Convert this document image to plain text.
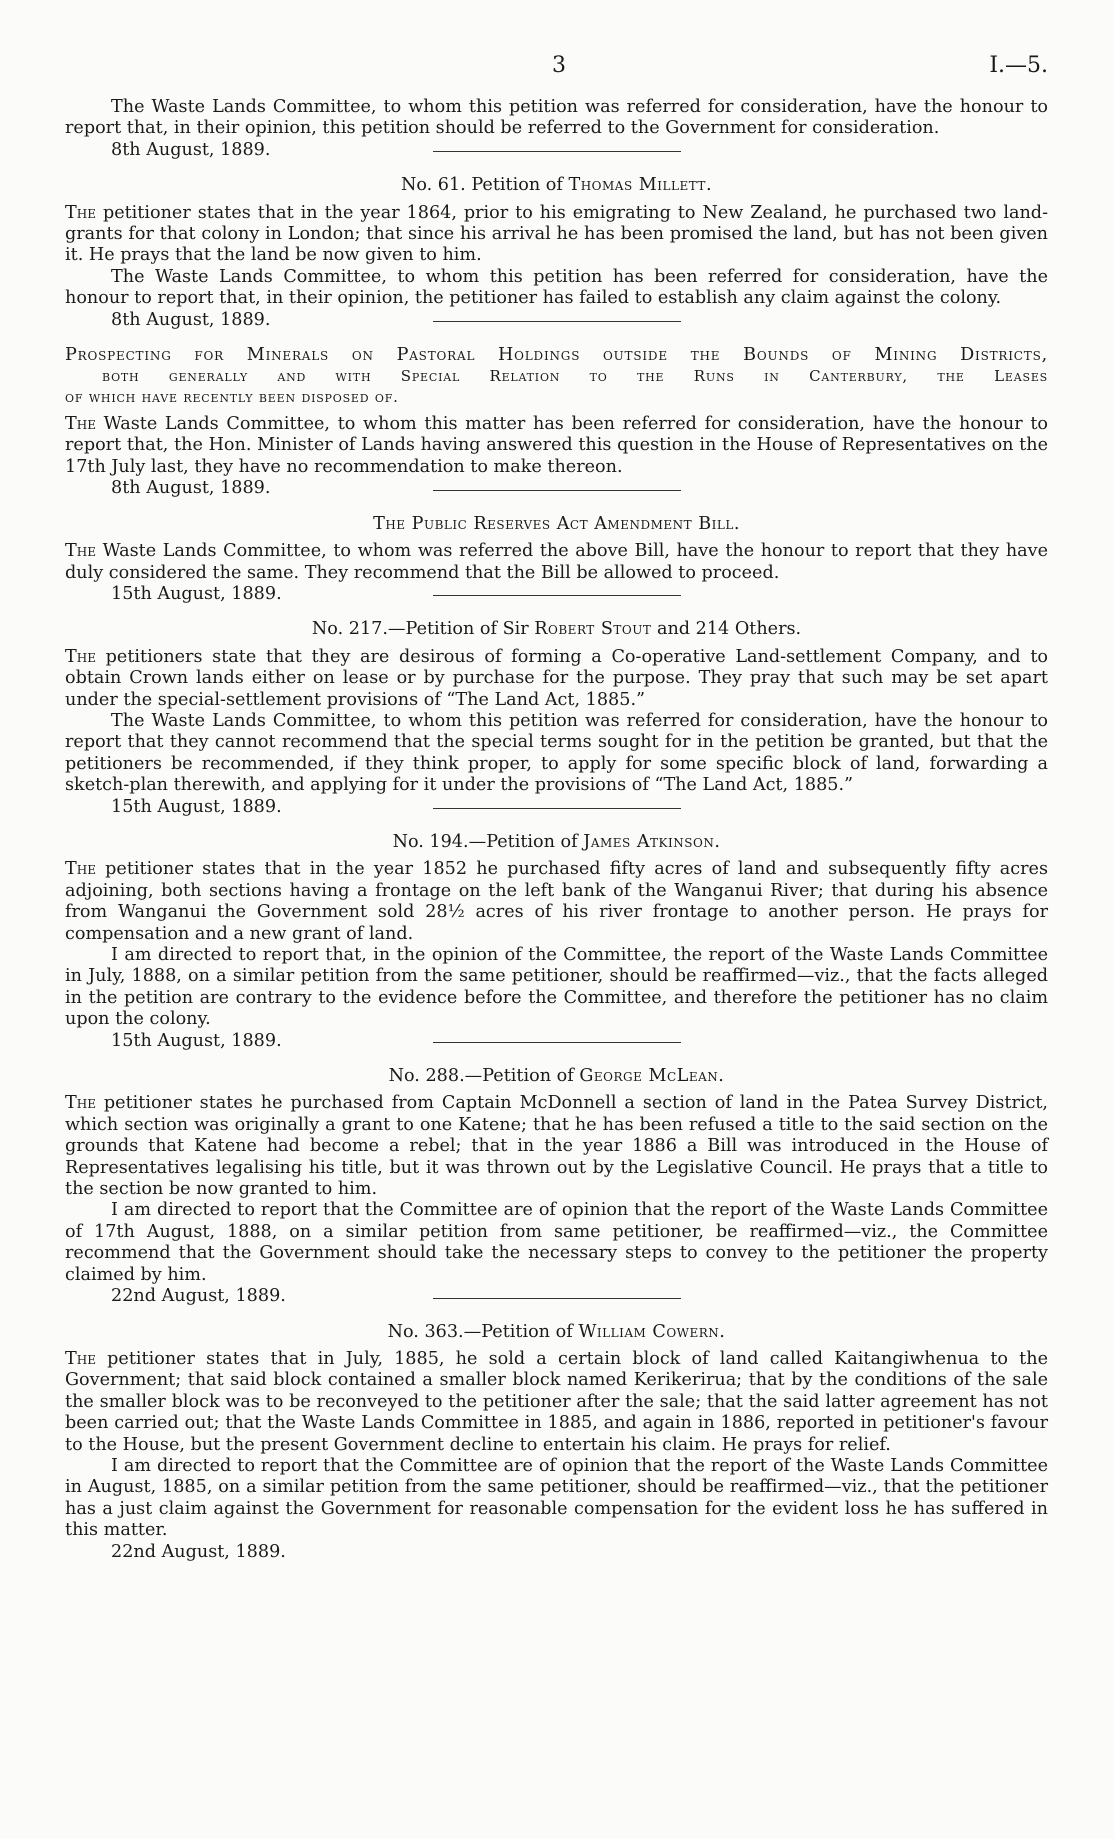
3	I.—5.

The Waste Lands Committee, to whom this petition was referred for consideration, have the honour to report that, in their opinion, this petition should be referred to the Government for consideration.

8th August, 1889.

No. 61. Petition of Thomas Millett.

The petitioner states that in the year 1864, prior to his emigrating to New Zealand, he purchased two land-grants for that colony in London; that since his arrival he has been promised the land, but has not been given it. He prays that the land be now given to him.

The Waste Lands Committee, to whom this petition has been referred for consideration, have the honour to report that, in their opinion, the petitioner has failed to establish any claim against the colony.

8th August, 1889.

Prospecting for Minerals on Pastoral Holdings outside the Bounds of Mining Districts,
both generally and with Special Relation to the Runs in Canterbury, the Leases
of which have recently been disposed of.

The Waste Lands Committee, to whom this matter has been referred for consideration, have the honour to report that, the Hon. Minister of Lands having answered this question in the House of Representatives on the 17th July last, they have no recommendation to make thereon.

8th August, 1889.

The Public Reserves Act Amendment Bill.

The Waste Lands Committee, to whom was referred the above Bill, have the honour to report that they have duly considered the same. They recommend that the Bill be allowed to proceed.

15th August, 1889.

No. 217.—Petition of Sir Robert Stout and 214 Others.

The petitioners state that they are desirous of forming a Co-operative Land-settlement Company, and to obtain Crown lands either on lease or by purchase for the purpose. They pray that such may be set apart under the special-settlement provisions of “The Land Act, 1885.”

The Waste Lands Committee, to whom this petition was referred for consideration, have the honour to report that they cannot recommend that the special terms sought for in the petition be granted, but that the petitioners be recommended, if they think proper, to apply for some specific block of land, forwarding a sketch-plan therewith, and applying for it under the provisions of “The Land Act, 1885.”

15th August, 1889.

No. 194.—Petition of James Atkinson.

The petitioner states that in the year 1852 he purchased fifty acres of land and subsequently fifty acres adjoining, both sections having a frontage on the left bank of the Wanganui River; that during his absence from Wanganui the Government sold 28½ acres of his river frontage to another person. He prays for compensation and a new grant of land.

I am directed to report that, in the opinion of the Committee, the report of the Waste Lands Committee in July, 1888, on a similar petition from the same petitioner, should be reaffirmed—viz., that the facts alleged in the petition are contrary to the evidence before the Committee, and therefore the petitioner has no claim upon the colony.

15th August, 1889.

No. 288.—Petition of George McLean.

The petitioner states he purchased from Captain McDonnell a section of land in the Patea Survey District, which section was originally a grant to one Katene; that he has been refused a title to the said section on the grounds that Katene had become a rebel; that in the year 1886 a Bill was introduced in the House of Representatives legalising his title, but it was thrown out by the Legislative Council. He prays that a title to the section be now granted to him.

I am directed to report that the Committee are of opinion that the report of the Waste Lands Committee of 17th August, 1888, on a similar petition from same petitioner, be reaffirmed—viz., the Committee recommend that the Government should take the necessary steps to convey to the petitioner the property claimed by him.

22nd August, 1889.

No. 363.—Petition of William Cowern.

The petitioner states that in July, 1885, he sold a certain block of land called Kaitangiwhenua to the Government; that said block contained a smaller block named Kerikerirua; that by the conditions of the sale the smaller block was to be reconveyed to the petitioner after the sale; that the said latter agreement has not been carried out; that the Waste Lands Committee in 1885, and again in 1886, reported in petitioner's favour to the House, but the present Government decline to entertain his claim. He prays for relief.

I am directed to report that the Committee are of opinion that the report of the Waste Lands Committee in August, 1885, on a similar petition from the same petitioner, should be reaffirmed—viz., that the petitioner has a just claim against the Government for reasonable compensation for the evident loss he has suffered in this matter.

22nd August, 1889.
